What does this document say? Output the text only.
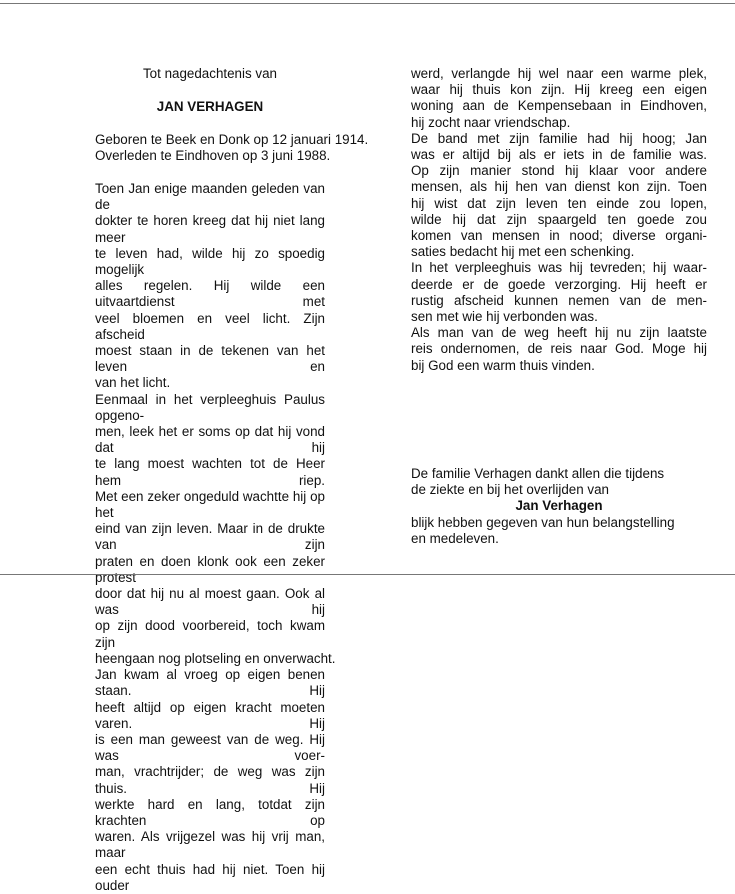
Tot nagedachtenis van
JAN VERHAGEN
Geboren te Beek en Donk op 12 januari 1914.
Overleden te Eindhoven op 3 juni 1988.
Toen Jan enige maanden geleden van de
dokter te horen kreeg dat hij niet lang meer
te leven had, wilde hij zo spoedig mogelijk
alles regelen. Hij wilde een uitvaartdienst met
veel bloemen en veel licht. Zijn afscheid
moest staan in de tekenen van het leven en
van het licht.
Eenmaal in het verpleeghuis Paulus opgeno-
men, leek het er soms op dat hij vond dat hij
te lang moest wachten tot de Heer hem riep.
Met een zeker ongeduld wachtte hij op het
eind van zijn leven. Maar in de drukte van zijn
praten en doen klonk ook een zeker protest
door dat hij nu al moest gaan. Ook al was hij
op zijn dood voorbereid, toch kwam zijn
heengaan nog plotseling en onverwacht.
Jan kwam al vroeg op eigen benen staan. Hij
heeft altijd op eigen kracht moeten varen. Hij
is een man geweest van de weg. Hij was voer-
man, vrachtrijder; de weg was zijn thuis. Hij
werkte hard en lang, totdat zijn krachten op
waren. Als vrijgezel was hij vrij man, maar
een echt thuis had hij niet. Toen hij ouder
werd, verlangde hij wel naar een warme plek,
waar hij thuis kon zijn. Hij kreeg een eigen
woning aan de Kempensebaan in Eindhoven,
hij zocht naar vriendschap.
De band met zijn familie had hij hoog; Jan
was er altijd bij als er iets in de familie was.
Op zijn manier stond hij klaar voor andere
mensen, als hij hen van dienst kon zijn. Toen
hij wist dat zijn leven ten einde zou lopen,
wilde hij dat zijn spaargeld ten goede zou
komen van mensen in nood; diverse organi-
saties bedacht hij met een schenking.
In het verpleeghuis was hij tevreden; hij waar-
deerde er de goede verzorging. Hij heeft er
rustig afscheid kunnen nemen van de men-
sen met wie hij verbonden was.
Als man van de weg heeft hij nu zijn laatste
reis ondernomen, de reis naar God. Moge hij
bij God een warm thuis vinden.
De familie Verhagen dankt allen die tijdens
de ziekte en bij het overlijden van
Jan Verhagen
blijk hebben gegeven van hun belangstelling
en medeleven.
